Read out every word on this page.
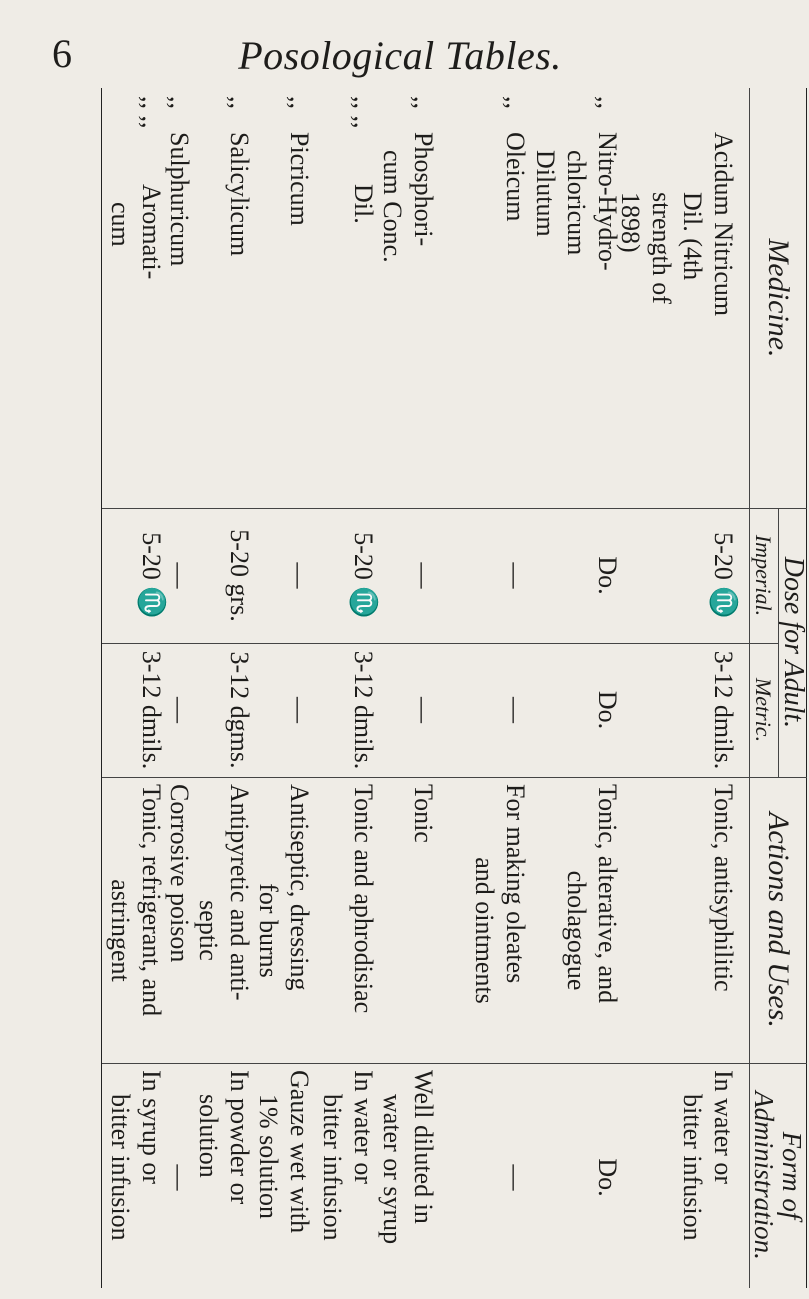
6	Posological Tables.
Medicine.
Dose for Adult.
Imperial.
Metric.
Actions and Uses.
Form of Administration.
Acidum Nitricum
Dil. (4th
strength of
1898)
5-20 ♏
3-12 dmils.
Tonic, antisyphilitic
In water or
bitter infusion
,,
Nitro-Hydro-
chloricum
Dilutum
Do.
Do.
Tonic, alterative, and
cholagogue
Do.
,,
Oleicum
—
—
For making oleates
and ointments
—
,,
Phosphori-
cum Conc.
—
—
Tonic
Well diluted in
water or syrup
,, ,,
Dil.
5-20 ♏
3-12 dmils.
Tonic and aphrodisiac
In water or
bitter infusion
,,
Picricum
—
—
Antiseptic, dressing
for burns
Gauze wet with
1% solution
,,
Salicylicum
5-20 grs.
3-12 dgms.
Antipyretic and anti-
septic
In powder or
solution
,,
Sulphuricum
—
—
Corrosive poison
—
,, ,,
Aromati-
cum
5-20 ♏
3-12 dmils.
Tonic, refrigerant, and
astringent
In syrup or
bitter infusion
